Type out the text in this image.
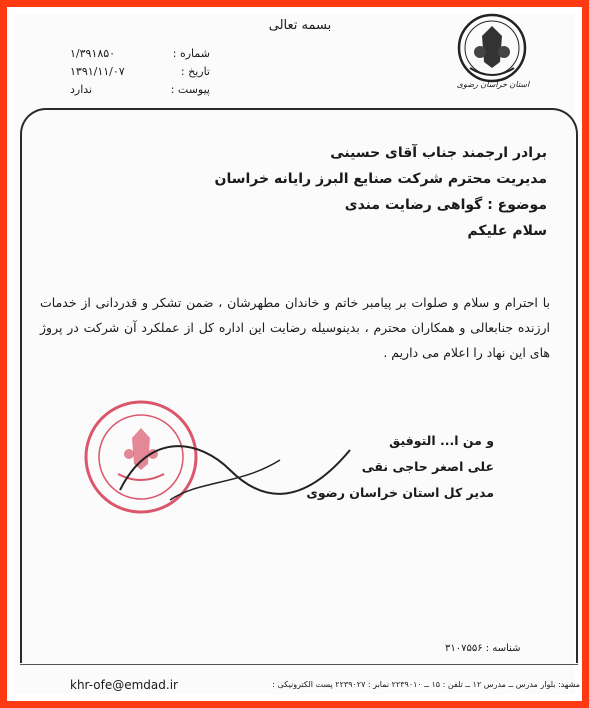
بسمه تعالی
شماره :
۱/۳۹۱۸۵۰
تاریخ :
۱۳۹۱/۱۱/۰۷
پیوست :
ندارد	استان خراسان رضوی
برادر ارجمند جناب آقای حسینی
مدیریت محترم شرکت صنایع البرز رایانه خراسان
موضوع : گواهی رضایت مندی
سلام علیکم

با احترام و سلام و صلوات بر پیامبر خاتم و خاندان مطهرشان ، ضمن تشکر و قدردانی از خدمات ارزنده جنابعالی و همکاران محترم ، بدینوسیله رضایت این اداره کل از عملکرد آن شرکت در پروژ های این نهاد را اعلام می داریم .

و من ا... التوفیق
علی اصغر حاجی نقی
مدیر کل استان خراسان رضوی
شناسه : ۳۱۰۷۵۵۶
khr-ofe@emdad.ir	مشهد: بلوار مدرس ــ مدرس ۱۲ ــ تلفن : ۱۵ ــ ۲۲۳۹۰۱۰ نمابر : ۲۲۳۹۰۲۷ پست الکترونیکی :
